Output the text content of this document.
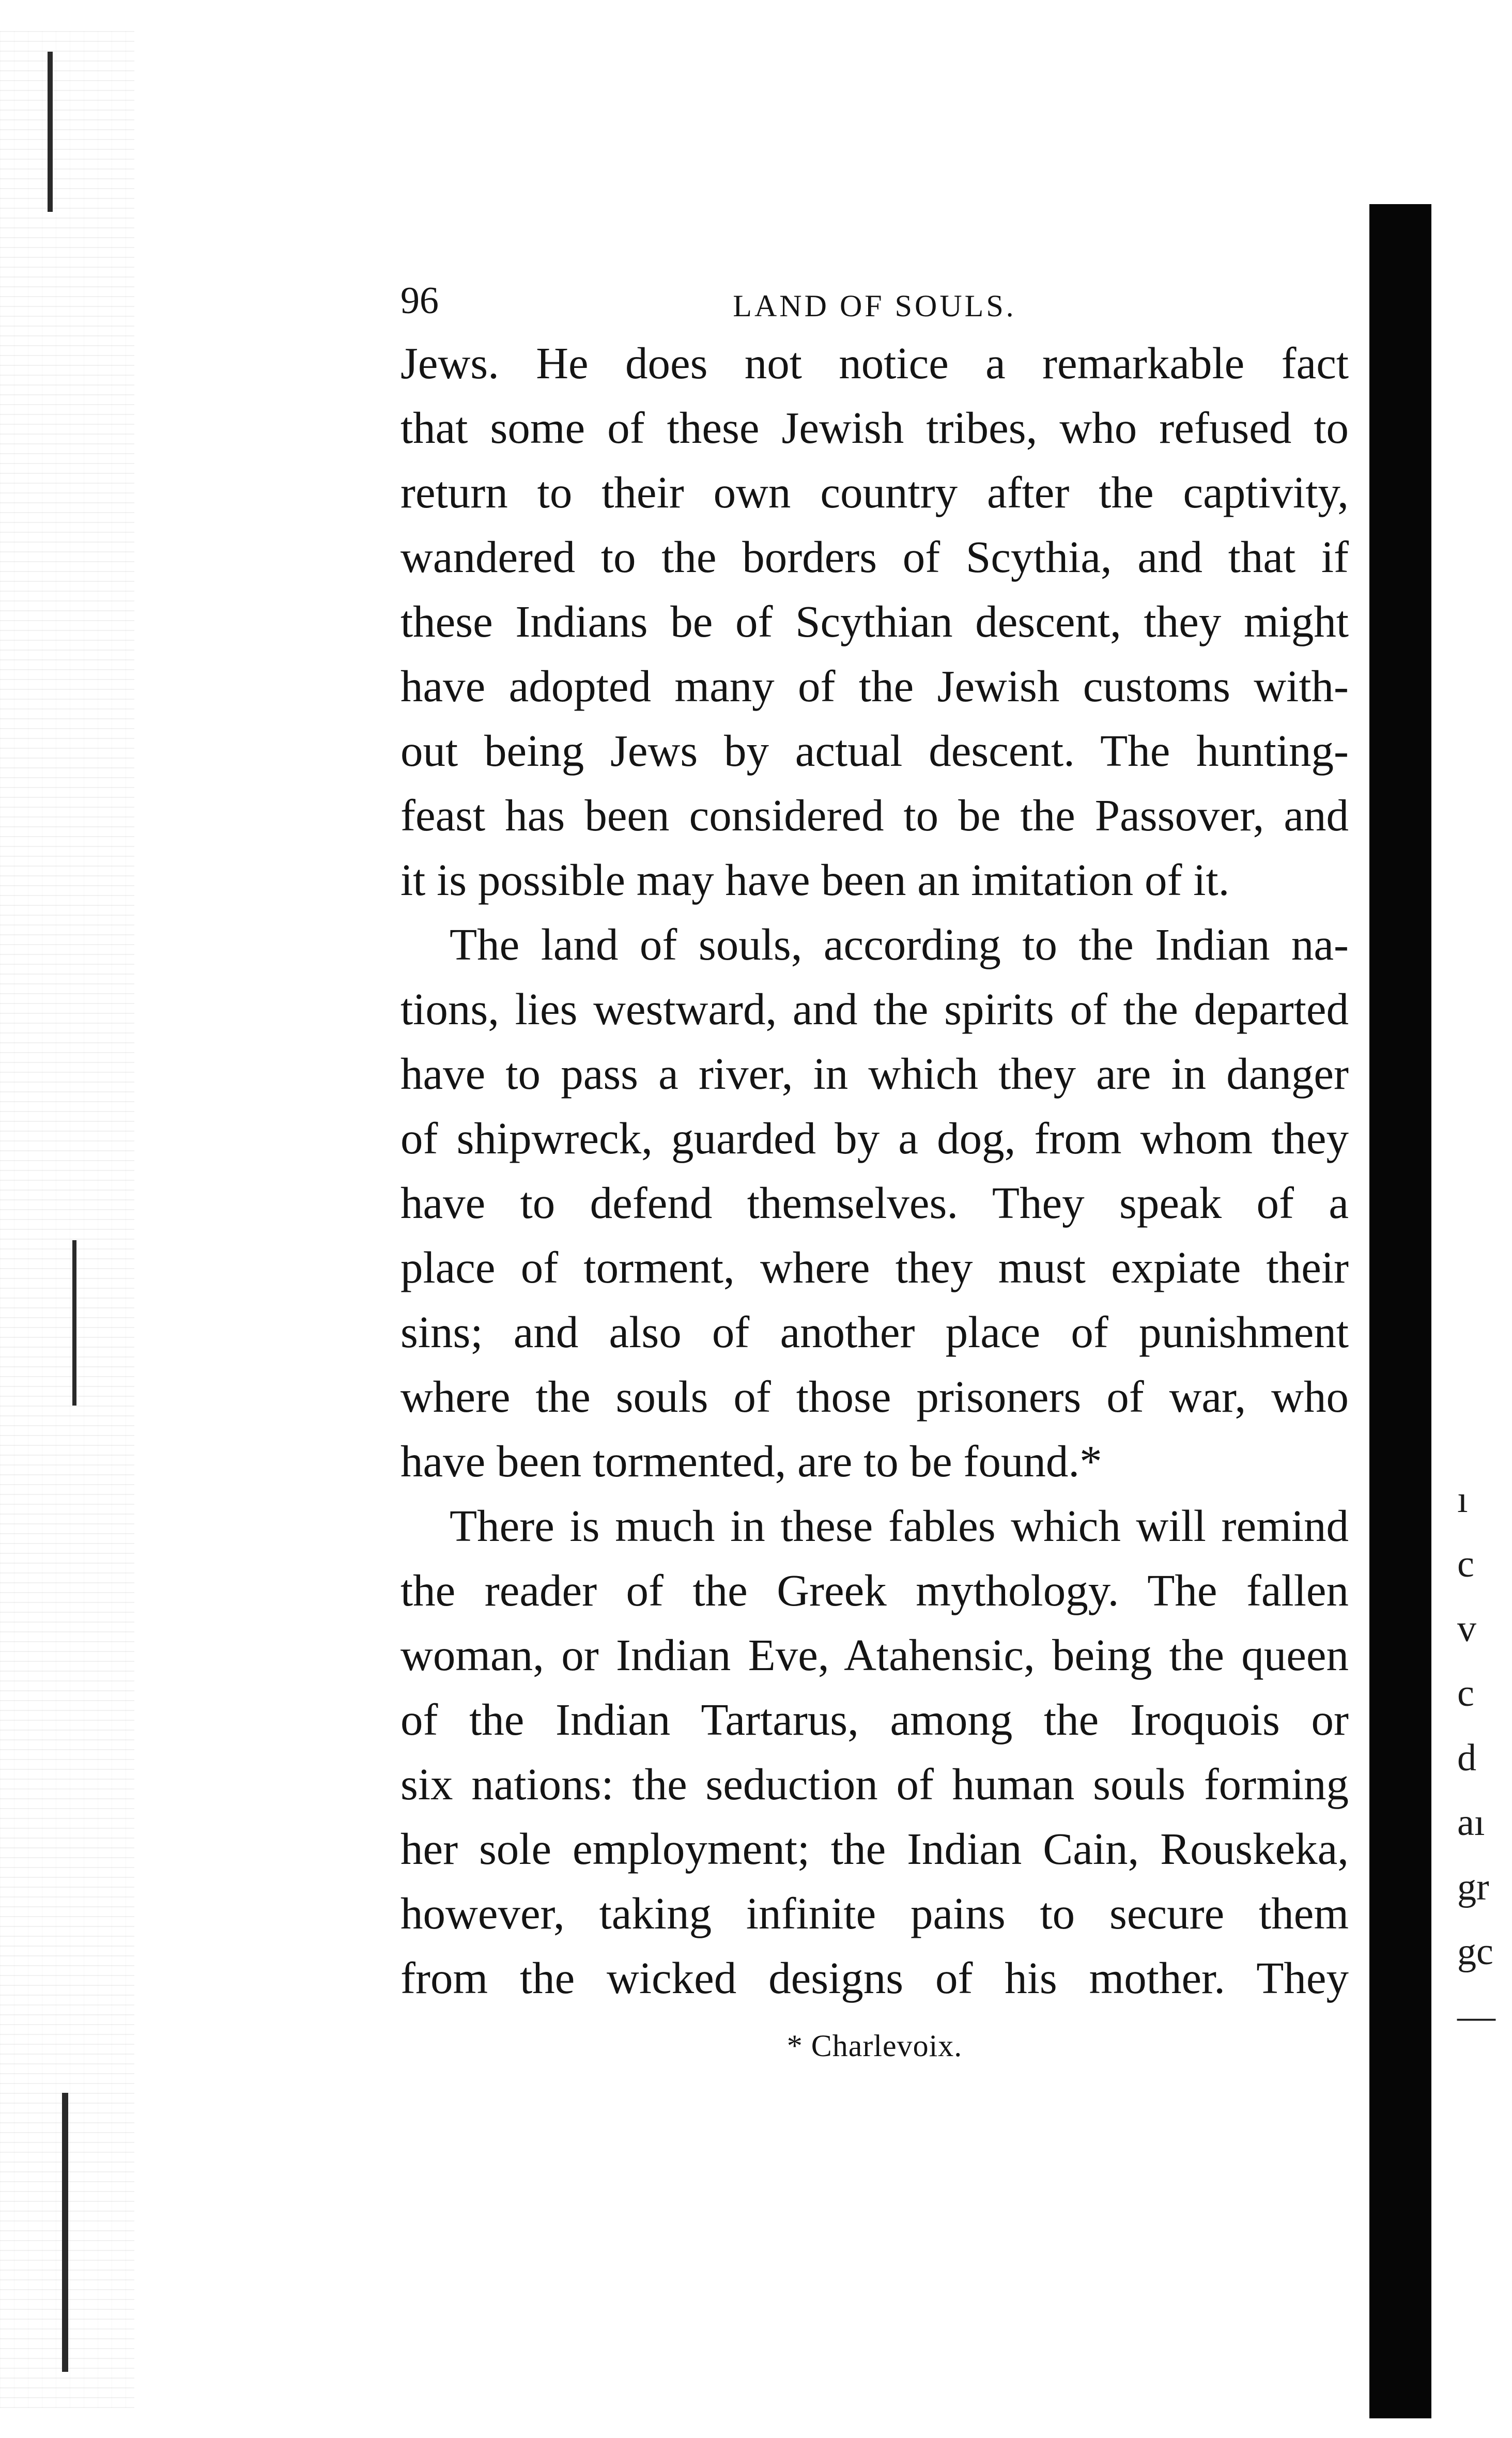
ı
c
v
c
d
aı
gr
gc
—
96	LAND OF SOULS.
Jews. He does not notice a remarkable fact
that some of these Jewish tribes, who refused to
return to their own country after the captivity,
wandered to the borders of Scythia, and that if
these Indians be of Scythian descent, they might
have adopted many of the Jewish customs with-
out being Jews by actual descent. The hunting-
feast has been considered to be the Passover, and
it is possible may have been an imitation of it.
The land of souls, according to the Indian na-
tions, lies westward, and the spirits of the departed
have to pass a river, in which they are in danger
of shipwreck, guarded by a dog, from whom they
have to defend themselves. They speak of a
place of torment, where they must expiate their
sins; and also of another place of punishment
where the souls of those prisoners of war, who
have been tormented, are to be found.*
There is much in these fables which will remind
the reader of the Greek mythology. The fallen
woman, or Indian Eve, Atahensic, being the queen
of the Indian Tartarus, among the Iroquois or
six nations: the seduction of human souls forming
her sole employment; the Indian Cain, Rouskeka,
however, taking infinite pains to secure them
from the wicked designs of his mother. They
* Charlevoix.
